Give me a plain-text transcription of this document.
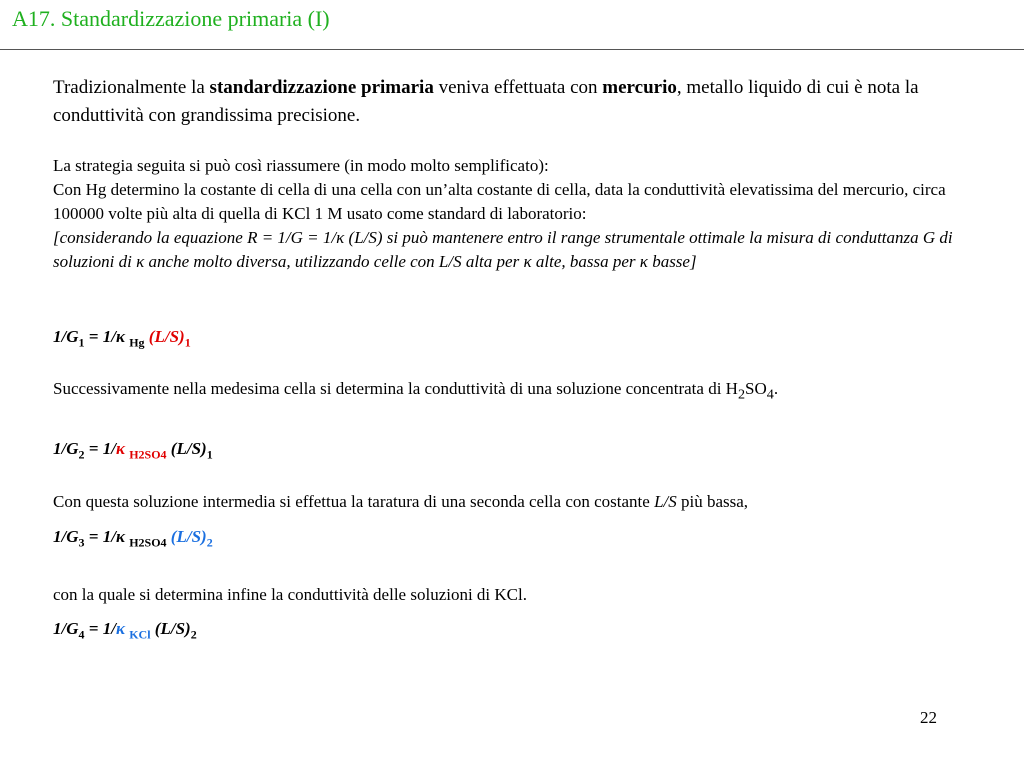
A17. Standardizzazione primaria (I)
Tradizionalmente la standardizzazione primaria veniva effettuata con mercurio, metallo liquido di cui è nota la conduttività con grandissima precisione.
La strategia seguita si può così riassumere (in modo molto semplificato):
Con Hg determino la costante di cella di una cella con un’alta costante di cella, data la conduttività elevatissima del mercurio, circa 100000 volte più alta di quella di KCl 1 M usato come standard di laboratorio:
[considerando la equazione R = 1/G = 1/κ (L/S) si può mantenere entro il range strumentale ottimale la misura di conduttanza G di soluzioni di κ anche molto diversa, utilizzando celle con L/S alta per κ alte, bassa per κ basse]
$1/G_1 = 1/\kappa$ $_{Hg}$ $(L/S)_1$
Successivamente nella medesima cella si determina la conduttività di una soluzione concentrata di $H_2SO_4$.
$1/G_2 = 1/\kappa$ $_{H2SO4}$ $(L/S)_1$
Con questa soluzione intermedia si effettua la taratura di una seconda cella con costante L/S più bassa,
$1/G_3 = 1/\kappa$ $_{H2SO4}$ $(L/S)_2$
con la quale si determina infine la conduttività delle soluzioni di KCl.
$1/G_4 = 1/\kappa$ $_{KCl}$ $(L/S)_2$
22
